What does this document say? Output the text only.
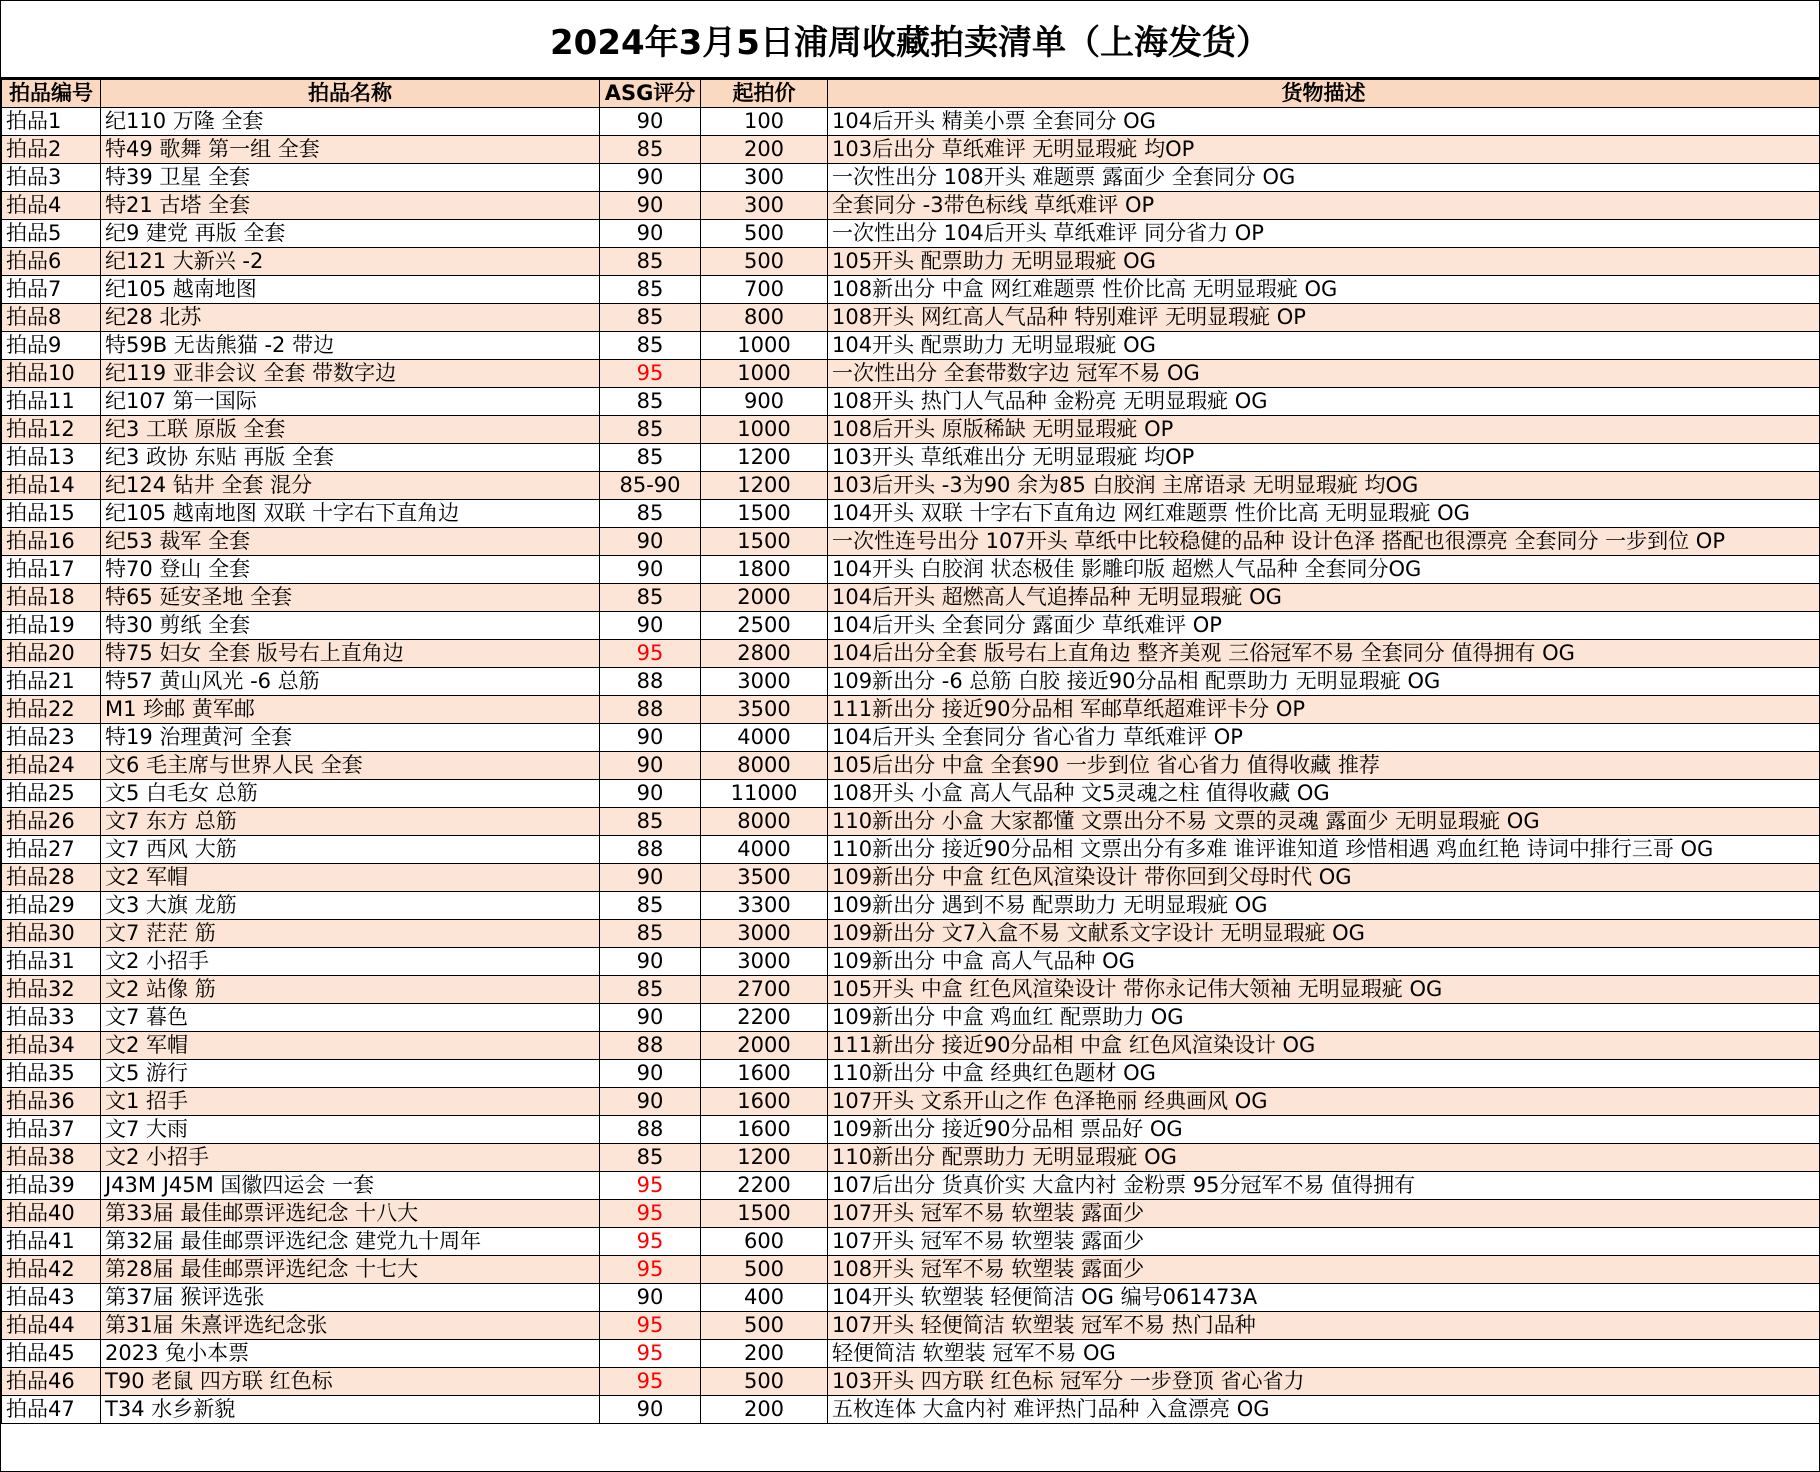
2024年3月5日浦周收藏拍卖清单（上海发货）
拍品编号	拍品名称	ASG评分	起拍价	货物描述
拍品1	纪110 万隆 全套	90	100	104后开头 精美小票 全套同分 OG
拍品2	特49 歌舞 第一组 全套	85	200	103后出分 草纸难评 无明显瑕疵 均OP
拍品3	特39 卫星 全套	90	300	一次性出分 108开头 难题票 露面少 全套同分 OG
拍品4	特21 古塔 全套	90	300	全套同分 -3带色标线 草纸难评 OP
拍品5	纪9 建党 再版 全套	90	500	一次性出分 104后开头 草纸难评 同分省力 OP
拍品6	纪121 大新兴 -2	85	500	105开头 配票助力 无明显瑕疵 OG
拍品7	纪105 越南地图	85	700	108新出分 中盒 网红难题票 性价比高 无明显瑕疵 OG
拍品8	纪28 北苏	85	800	108开头 网红高人气品种 特别难评 无明显瑕疵 OP
拍品9	特59B 无齿熊猫 -2 带边	85	1000	104开头 配票助力 无明显瑕疵 OG
拍品10	纪119 亚非会议 全套 带数字边	95	1000	一次性出分 全套带数字边 冠军不易 OG
拍品11	纪107 第一国际	85	900	108开头 热门人气品种 金粉亮 无明显瑕疵 OG
拍品12	纪3 工联 原版 全套	85	1000	108后开头 原版稀缺 无明显瑕疵 OP
拍品13	纪3 政协 东贴 再版 全套	85	1200	103开头 草纸难出分 无明显瑕疵 均OP
拍品14	纪124 钻井 全套 混分	85-90	1200	103后开头 -3为90 余为85 白胶润 主席语录 无明显瑕疵 均OG
拍品15	纪105 越南地图 双联 十字右下直角边	85	1500	104开头 双联 十字右下直角边 网红难题票 性价比高 无明显瑕疵 OG
拍品16	纪53 裁军 全套	90	1500	一次性连号出分 107开头 草纸中比较稳健的品种 设计色泽 搭配也很漂亮 全套同分 一步到位 OP
拍品17	特70 登山 全套	90	1800	104开头 白胶润 状态极佳 影雕印版 超燃人气品种 全套同分OG
拍品18	特65 延安圣地 全套	85	2000	104后开头 超燃高人气追捧品种 无明显瑕疵 OG
拍品19	特30 剪纸 全套	90	2500	104后开头 全套同分 露面少 草纸难评 OP
拍品20	特75 妇女 全套 版号右上直角边	95	2800	104后出分全套 版号右上直角边 整齐美观 三俗冠军不易 全套同分 值得拥有 OG
拍品21	特57 黄山风光 -6 总筋	88	3000	109新出分 -6 总筋 白胶 接近90分品相 配票助力 无明显瑕疵 OG
拍品22	M1 珍邮 黄军邮	88	3500	111新出分 接近90分品相 军邮草纸超难评卡分 OP
拍品23	特19 治理黄河 全套	90	4000	104后开头 全套同分 省心省力 草纸难评 OP
拍品24	文6 毛主席与世界人民 全套	90	8000	105后出分 中盒 全套90 一步到位 省心省力 值得收藏 推荐
拍品25	文5 白毛女 总筋	90	11000	108开头 小盒 高人气品种 文5灵魂之柱 值得收藏 OG
拍品26	文7 东方 总筋	85	8000	110新出分 小盒 大家都懂 文票出分不易 文票的灵魂 露面少 无明显瑕疵 OG
拍品27	文7 西风 大筋	88	4000	110新出分 接近90分品相 文票出分有多难 谁评谁知道 珍惜相遇 鸡血红艳 诗词中排行三哥 OG
拍品28	文2 军帽	90	3500	109新出分 中盒 红色风渲染设计 带你回到父母时代 OG
拍品29	文3 大旗 龙筋	85	3300	109新出分 遇到不易 配票助力 无明显瑕疵 OG
拍品30	文7 茫茫 筋	85	3000	109新出分 文7入盒不易 文献系文字设计 无明显瑕疵 OG
拍品31	文2 小招手	90	3000	109新出分 中盒 高人气品种 OG
拍品32	文2 站像 筋	85	2700	105开头 中盒 红色风渲染设计 带你永记伟大领袖 无明显瑕疵 OG
拍品33	文7 暮色	90	2200	109新出分 中盒 鸡血红 配票助力 OG
拍品34	文2 军帽	88	2000	111新出分 接近90分品相 中盒 红色风渲染设计 OG
拍品35	文5 游行	90	1600	110新出分 中盒 经典红色题材 OG
拍品36	文1 招手	90	1600	107开头 文系开山之作 色泽艳丽 经典画风 OG
拍品37	文7 大雨	88	1600	109新出分 接近90分品相 票品好 OG
拍品38	文2 小招手	85	1200	110新出分 配票助力 无明显瑕疵 OG
拍品39	J43M J45M 国徽四运会 一套	95	2200	107后出分 货真价实 大盒内衬 金粉票 95分冠军不易 值得拥有
拍品40	第33届 最佳邮票评选纪念 十八大	95	1500	107开头 冠军不易 软塑装 露面少
拍品41	第32届 最佳邮票评选纪念 建党九十周年	95	600	107开头 冠军不易 软塑装 露面少
拍品42	第28届 最佳邮票评选纪念 十七大	95	500	108开头 冠军不易 软塑装 露面少
拍品43	第37届 猴评选张	90	400	104开头 软塑装 轻便简洁 OG 编号061473A
拍品44	第31届 朱熹评选纪念张	95	500	107开头 轻便简洁 软塑装 冠军不易 热门品种
拍品45	2023 兔小本票	95	200	轻便简洁 软塑装 冠军不易 OG
拍品46	T90 老鼠 四方联 红色标	95	500	103开头 四方联 红色标 冠军分 一步登顶 省心省力
拍品47	T34 水乡新貌	90	200	五枚连体 大盒内衬 难评热门品种 入盒漂亮 OG
